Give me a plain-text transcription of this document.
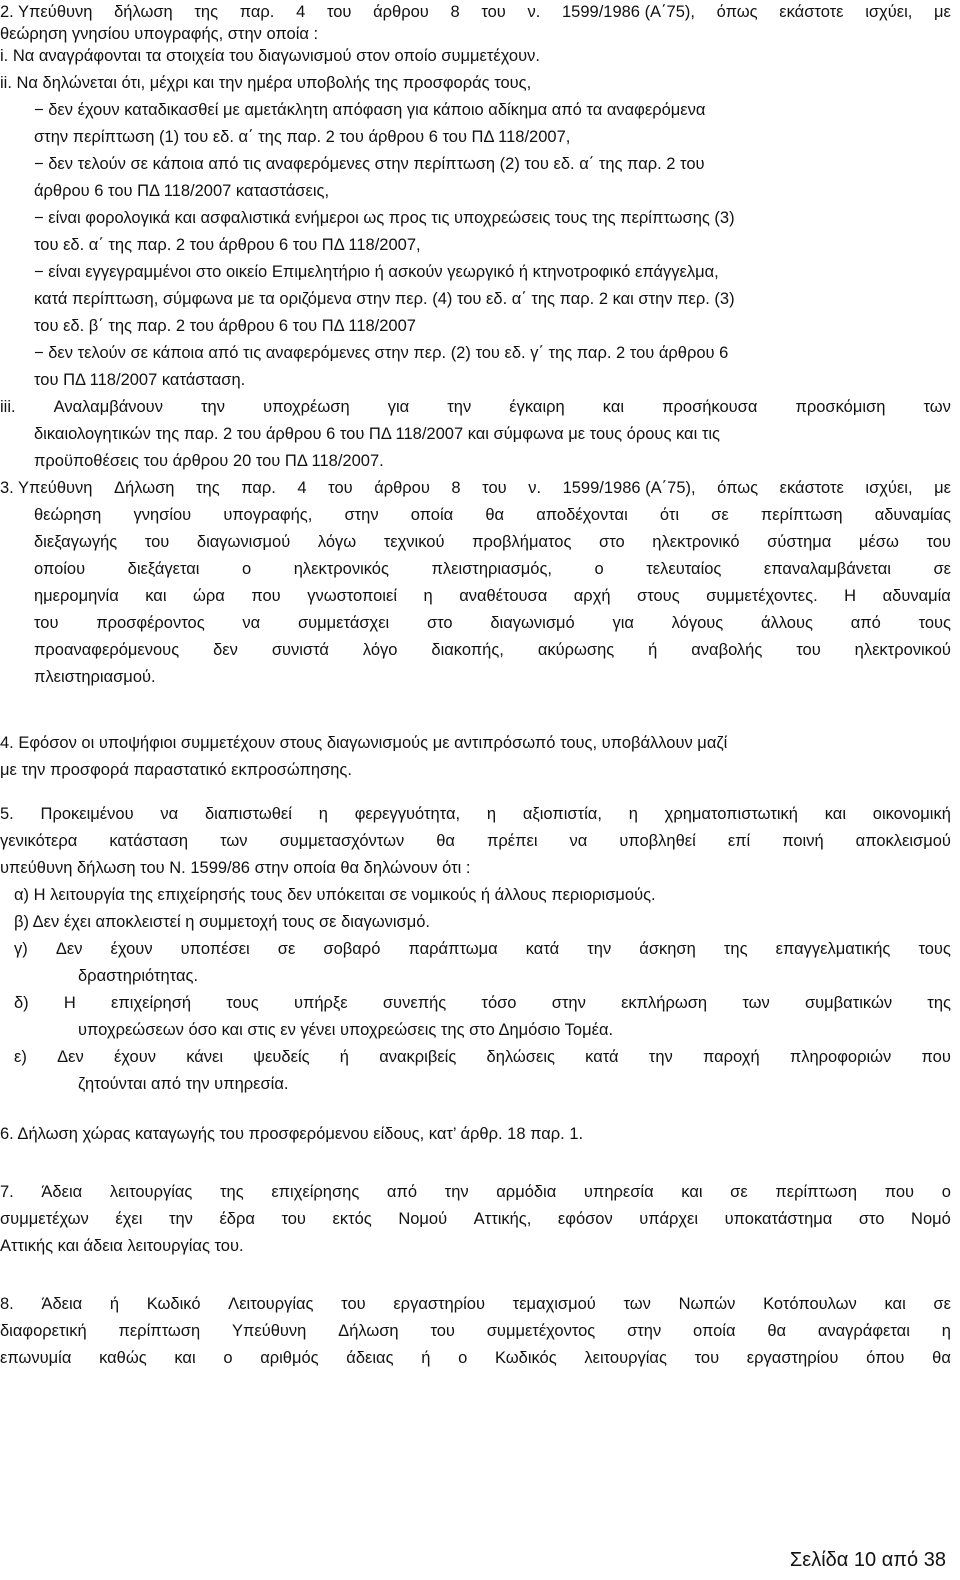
2. Υπεύθυνη δήλωση της παρ. 4 του άρθρου 8 του ν. 1599/1986 (Α΄75), όπως εκάστοτε ισχύει, με
θεώρηση γνησίου υπογραφής, στην οποία :
i. Να αναγράφονται τα στοιχεία του διαγωνισμού στον οποίο συμμετέχουν.
ii. Να δηλώνεται ότι, μέχρι και την ημέρα υποβολής της προσφοράς τους,
− δεν έχουν καταδικασθεί με αμετάκλητη απόφαση για κάποιο αδίκημα από τα αναφερόμενα
στην περίπτωση (1) του εδ. α΄ της παρ. 2 του άρθρου 6 του ΠΔ 118/2007,
− δεν τελούν σε κάποια από τις αναφερόμενες στην περίπτωση (2) του εδ. α΄ της παρ. 2 του
άρθρου 6 του ΠΔ 118/2007 καταστάσεις,
− είναι φορολογικά και ασφαλιστικά ενήμεροι ως προς τις υποχρεώσεις τους της περίπτωσης (3)
του εδ. α΄ της παρ. 2 του άρθρου 6 του ΠΔ 118/2007,
− είναι εγγεγραμμένοι στο οικείο Επιμελητήριο ή ασκούν γεωργικό ή κτηνοτροφικό επάγγελμα,
κατά περίπτωση, σύμφωνα με τα οριζόμενα στην περ. (4) του εδ. α΄ της παρ. 2 και στην περ. (3)
του εδ. β΄ της παρ. 2 του άρθρου 6 του ΠΔ 118/2007
− δεν τελούν σε κάποια από τις αναφερόμενες στην περ. (2) του εδ. γ΄ της παρ. 2 του άρθρου 6
του ΠΔ 118/2007 κατάσταση.
iii. Αναλαμβάνουν την υποχρέωση για την έγκαιρη και προσήκουσα προσκόμιση των
δικαιολογητικών της παρ. 2 του άρθρου 6 του ΠΔ 118/2007 και σύμφωνα με τους όρους και τις
προϋποθέσεις του άρθρου 20 του ΠΔ 118/2007.
3. Υπεύθυνη Δήλωση της παρ. 4 του άρθρου 8 του ν. 1599/1986 (Α΄75), όπως εκάστοτε ισχύει, με
θεώρηση γνησίου υπογραφής, στην οποία θα αποδέχονται ότι σε περίπτωση αδυναμίας
διεξαγωγής του διαγωνισμού λόγω τεχνικού προβλήματος στο ηλεκτρονικό σύστημα μέσω του
οποίου	διεξάγεται	ο	ηλεκτρονικός	πλειστηριασμός,	ο	τελευταίος	επαναλαμβάνεται	σε
ημερομηνία και ώρα που γνωστοποιεί η αναθέτουσα αρχή στους συμμετέχοντες. Η αδυναμία
του προσφέροντος να συμμετάσχει στο διαγωνισμό για λόγους άλλους από τους
προαναφερόμενους δεν συνιστά λόγο διακοπής, ακύρωσης ή αναβολής του ηλεκτρονικού
πλειστηριασμού.
4. Εφόσον οι υποψήφιοι συμμετέχουν στους διαγωνισμούς με αντιπρόσωπό τους, υποβάλλουν μαζί
με την προσφορά παραστατικό εκπροσώπησης.
5. Προκειμένου να διαπιστωθεί η φερεγγυότητα, η αξιοπιστία, η χρηματοπιστωτική και οικονομική
γενικότερα κατάσταση των συμμετασχόντων θα πρέπει να υποβληθεί επί ποινή αποκλεισμού
υπεύθυνη δήλωση του Ν. 1599/86 στην οποία θα δηλώνουν ότι :
α) Η λειτουργία της επιχείρησής τους δεν υπόκειται σε νομικούς ή άλλους περιορισμούς.
β) Δεν έχει αποκλειστεί η συμμετοχή τους σε διαγωνισμό.
γ) Δεν έχουν υποπέσει σε σοβαρό παράπτωμα κατά την άσκηση της επαγγελματικής τους
δραστηριότητας.
δ) Η επιχείρησή τους υπήρξε συνεπής τόσο στην εκπλήρωση των συμβατικών της
υποχρεώσεων όσο και στις εν γένει υποχρεώσεις της στο Δημόσιο Τομέα.
ε) Δεν έχουν κάνει ψευδείς ή ανακριβείς δηλώσεις κατά την παροχή πληροφοριών που
ζητούνται από την υπηρεσία.
6. Δήλωση χώρας καταγωγής του προσφερόμενου είδους, κατ’ άρθρ. 18 παρ. 1.
7. Άδεια λειτουργίας της επιχείρησης από την αρμόδια υπηρεσία και σε περίπτωση που ο
συμμετέχων έχει την έδρα του εκτός Νομού Αττικής, εφόσον υπάρχει υποκατάστημα στο Νομό
Αττικής και άδεια λειτουργίας του.
8. Άδεια ή Κωδικό Λειτουργίας του εργαστηρίου τεμαχισμού των Νωπών Κοτόπουλων και σε
διαφορετική περίπτωση Υπεύθυνη Δήλωση του συμμετέχοντος στην οποία θα αναγράφεται η
επωνυμία καθώς και ο αριθμός άδειας ή ο Κωδικός λειτουργίας του εργαστηρίου όπου θα
Σελίδα 10 από 38
